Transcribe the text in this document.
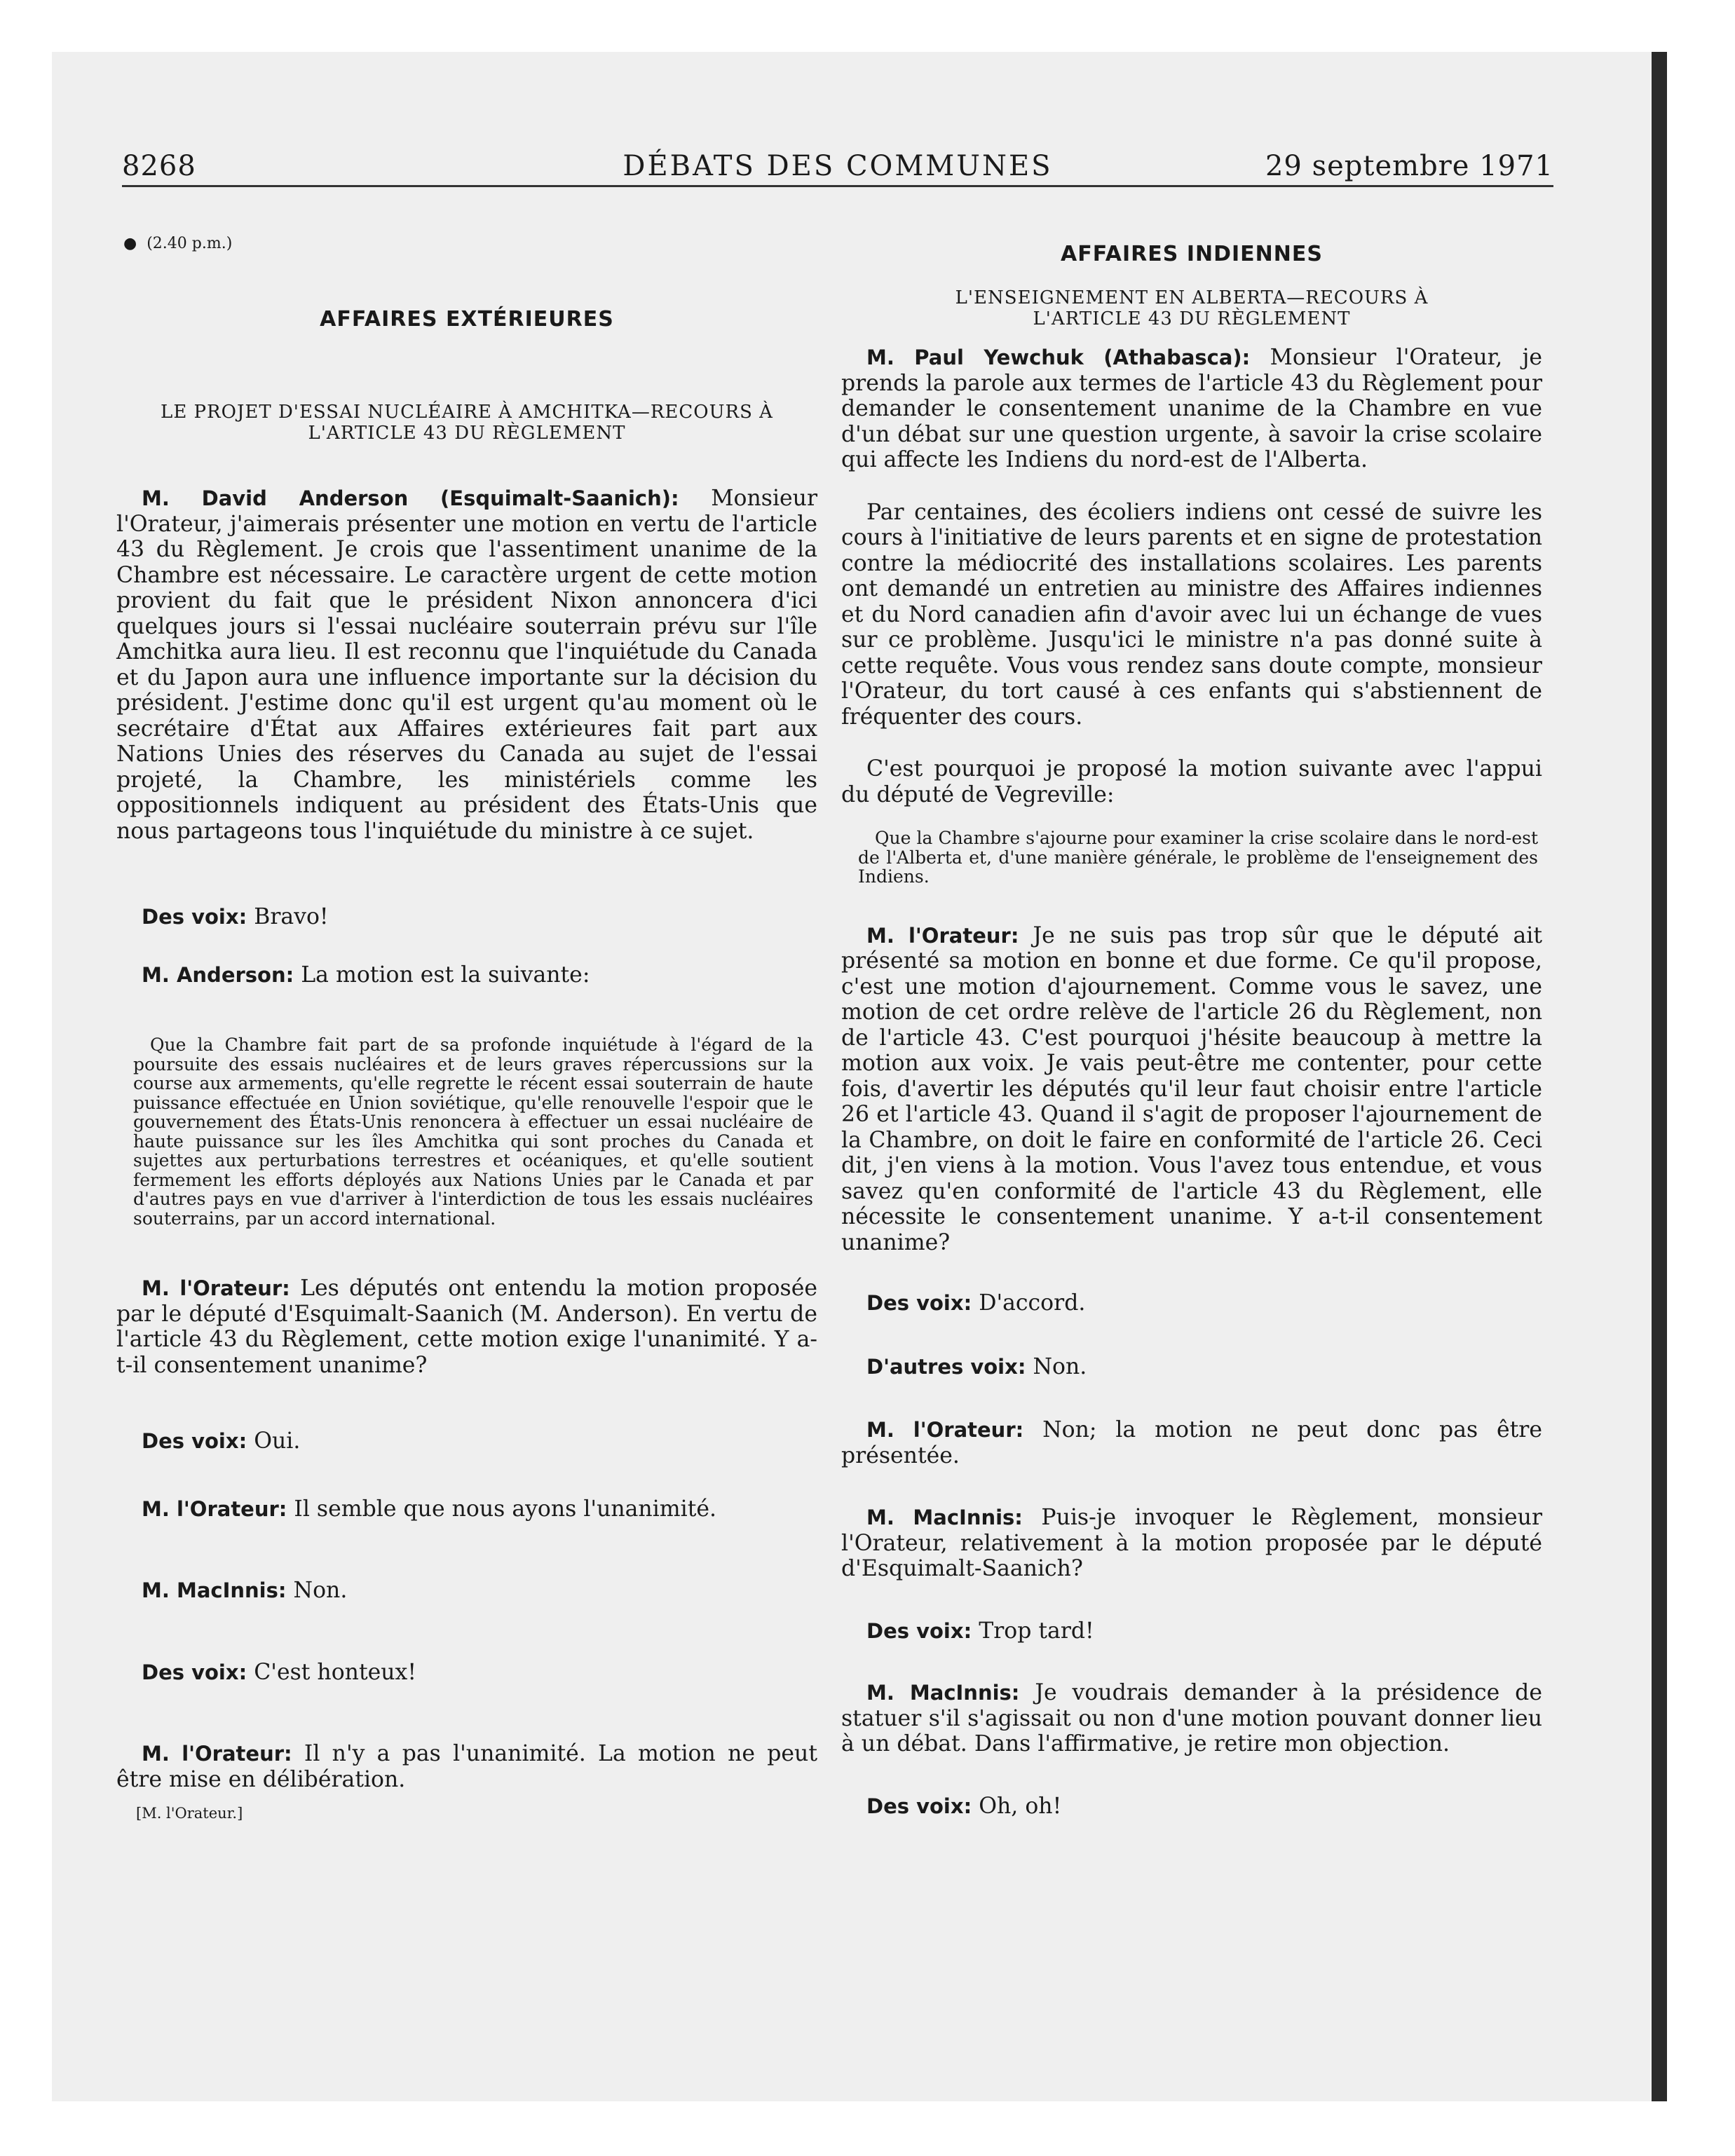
8268	DÉBATS DES COMMUNES	29 septembre 1971

● (2.40 p.m.)

AFFAIRES EXTÉRIEURES

LE PROJET D'ESSAI NUCLÉAIRE À AMCHITKA—RECOURS À L'ARTICLE 43 DU RÈGLEMENT

M. David Anderson (Esquimalt-Saanich): Monsieur l'Orateur, j'aimerais présenter une motion en vertu de l'article 43 du Règlement. Je crois que l'assentiment unanime de la Chambre est nécessaire. Le caractère urgent de cette motion provient du fait que le président Nixon annoncera d'ici quelques jours si l'essai nucléaire souterrain prévu sur l'île Amchitka aura lieu. Il est reconnu que l'inquiétude du Canada et du Japon aura une influence importante sur la décision du président. J'estime donc qu'il est urgent qu'au moment où le secrétaire d'État aux Affaires extérieures fait part aux Nations Unies des réserves du Canada au sujet de l'essai projeté, la Chambre, les ministériels comme les oppositionnels indiquent au président des États-Unis que nous partageons tous l'inquiétude du ministre à ce sujet.

Des voix: Bravo!

M. Anderson: La motion est la suivante:

Que la Chambre fait part de sa profonde inquiétude à l'égard de la poursuite des essais nucléaires et de leurs graves répercussions sur la course aux armements, qu'elle regrette le récent essai souterrain de haute puissance effectuée en Union soviétique, qu'elle renouvelle l'espoir que le gouvernement des États-Unis renoncera à effectuer un essai nucléaire de haute puissance sur les îles Amchitka qui sont proches du Canada et sujettes aux perturbations terrestres et océaniques, et qu'elle soutient fermement les efforts déployés aux Nations Unies par le Canada et par d'autres pays en vue d'arriver à l'interdiction de tous les essais nucléaires souterrains, par un accord international.

M. l'Orateur: Les députés ont entendu la motion proposée par le député d'Esquimalt-Saanich (M. Anderson). En vertu de l'article 43 du Règlement, cette motion exige l'unanimité. Y a-t-il consentement unanime?

Des voix: Oui.

M. l'Orateur: Il semble que nous ayons l'unanimité.

M. MacInnis: Non.

Des voix: C'est honteux!

M. l'Orateur: Il n'y a pas l'unanimité. La motion ne peut être mise en délibération.

[M. l'Orateur.]

AFFAIRES INDIENNES

L'ENSEIGNEMENT EN ALBERTA—RECOURS À L'ARTICLE 43 DU RÈGLEMENT

M. Paul Yewchuk (Athabasca): Monsieur l'Orateur, je prends la parole aux termes de l'article 43 du Règlement pour demander le consentement unanime de la Chambre en vue d'un débat sur une question urgente, à savoir la crise scolaire qui affecte les Indiens du nord-est de l'Alberta.

Par centaines, des écoliers indiens ont cessé de suivre les cours à l'initiative de leurs parents et en signe de protestation contre la médiocrité des installations scolaires. Les parents ont demandé un entretien au ministre des Affaires indiennes et du Nord canadien afin d'avoir avec lui un échange de vues sur ce problème. Jusqu'ici le ministre n'a pas donné suite à cette requête. Vous vous rendez sans doute compte, monsieur l'Orateur, du tort causé à ces enfants qui s'abstiennent de fréquenter des cours.

C'est pourquoi je proposé la motion suivante avec l'appui du député de Vegreville:

Que la Chambre s'ajourne pour examiner la crise scolaire dans le nord-est de l'Alberta et, d'une manière générale, le problème de l'enseignement des Indiens.

M. l'Orateur: Je ne suis pas trop sûr que le député ait présenté sa motion en bonne et due forme. Ce qu'il propose, c'est une motion d'ajournement. Comme vous le savez, une motion de cet ordre relève de l'article 26 du Règlement, non de l'article 43. C'est pourquoi j'hésite beaucoup à mettre la motion aux voix. Je vais peut-être me contenter, pour cette fois, d'avertir les députés qu'il leur faut choisir entre l'article 26 et l'article 43. Quand il s'agit de proposer l'ajournement de la Chambre, on doit le faire en conformité de l'article 26. Ceci dit, j'en viens à la motion. Vous l'avez tous entendue, et vous savez qu'en conformité de l'article 43 du Règlement, elle nécessite le consentement unanime. Y a-t-il consentement unanime?

Des voix: D'accord.

D'autres voix: Non.

M. l'Orateur: Non; la motion ne peut donc pas être présentée.

M. MacInnis: Puis-je invoquer le Règlement, monsieur l'Orateur, relativement à la motion proposée par le député d'Esquimalt-Saanich?

Des voix: Trop tard!

M. MacInnis: Je voudrais demander à la présidence de statuer s'il s'agissait ou non d'une motion pouvant donner lieu à un débat. Dans l'affirmative, je retire mon objection.

Des voix: Oh, oh!
